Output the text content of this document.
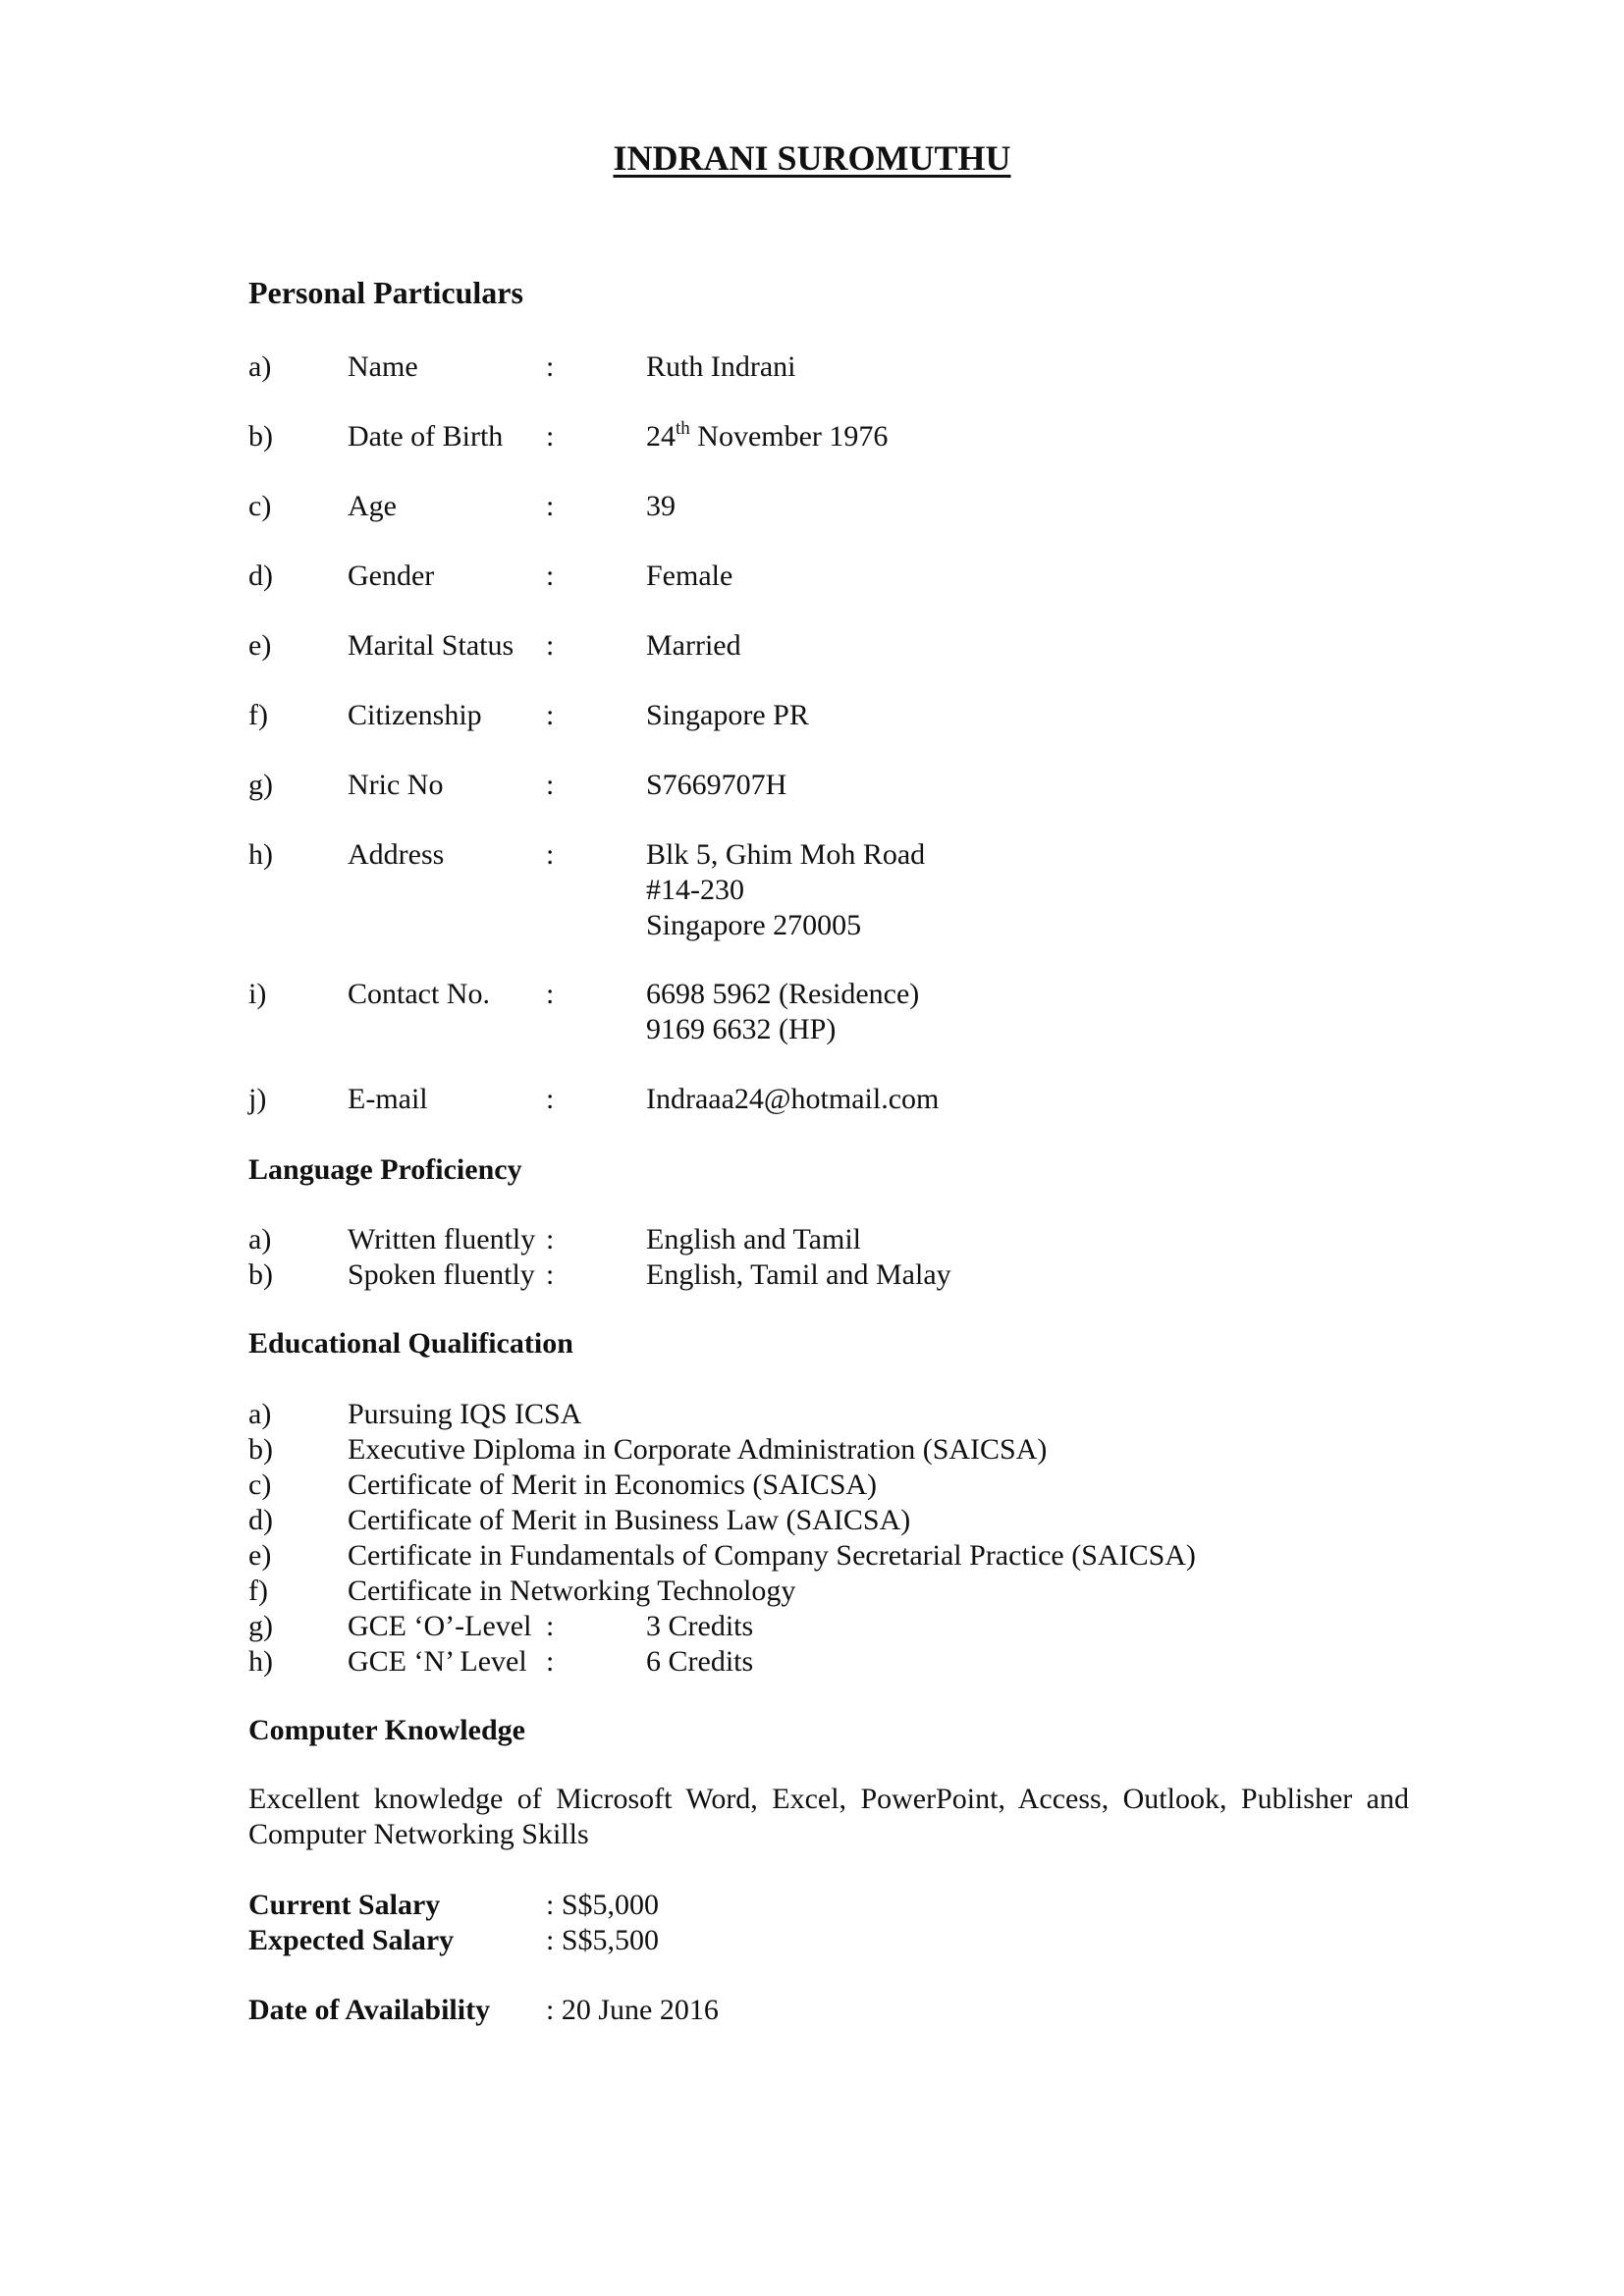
INDRANI SUROMUTHU
Personal Particulars
a)	Name	:	Ruth Indrani
b)	Date of Birth :	24th November 1976
c)	Age	:	39
d)	Gender	:	Female
e)	Marital Status :	Married
f)	Citizenship :	Singapore PR
g)	Nric No	:	S7669707H
h)	Address	:	Blk 5, Ghim Moh Road
#14-230
Singapore 270005
i)	Contact No. :	6698 5962 (Residence)
9169 6632 (HP)
j)	E-mail	:	Indraaa24@hotmail.com
Language Proficiency
a)	Written fluently :	English and Tamil
b)	Spoken fluently :	English, Tamil and Malay
Educational Qualification
a)	Pursuing IQS ICSA
b)	Executive Diploma in Corporate Administration (SAICSA)
c)	Certificate of Merit in Economics (SAICSA)
d)	Certificate of Merit in Business Law (SAICSA)
e)	Certificate in Fundamentals of Company Secretarial Practice (SAICSA)
f)	Certificate in Networking Technology
g)	GCE ‘O’-Level :	3 Credits
h)	GCE ‘N’ Level :	6 Credits
Computer Knowledge
Excellent knowledge of Microsoft Word, Excel, PowerPoint, Access, Outlook, Publisher and Computer Networking Skills
Current Salary	: S$5,000
Expected Salary	: S$5,500
Date of Availability : 20 June 2016
